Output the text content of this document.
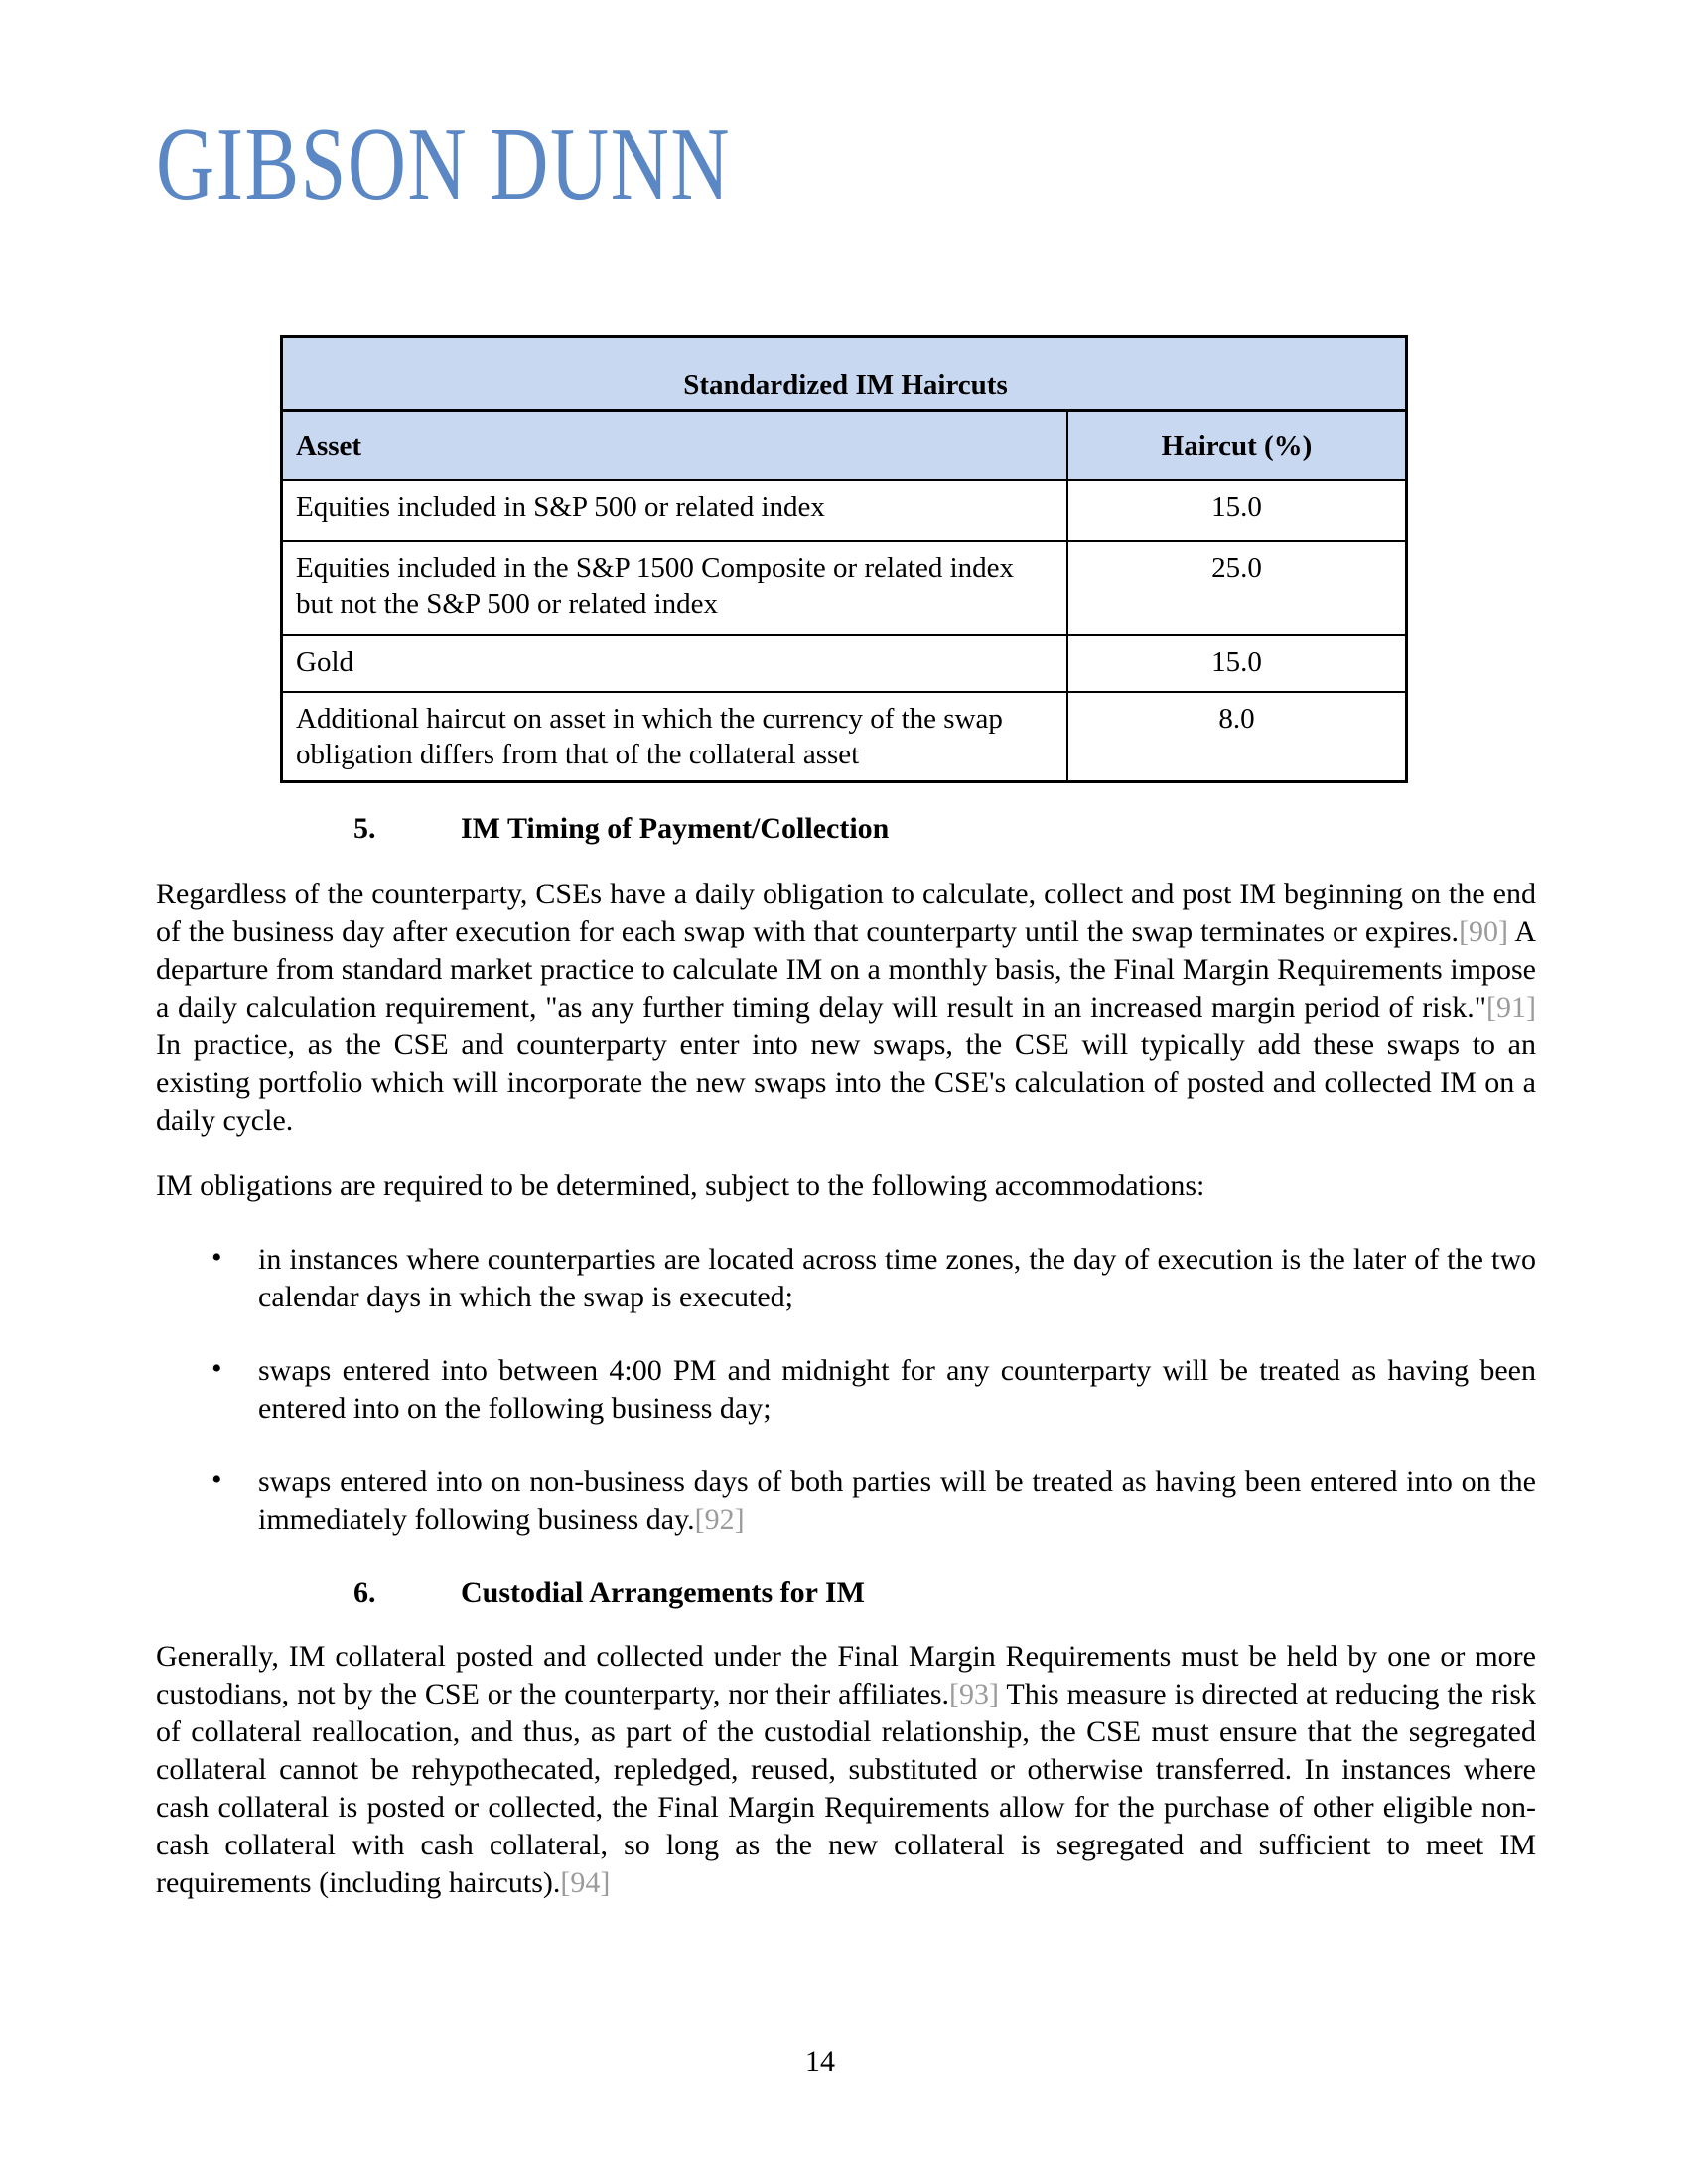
GIBSON DUNN
Standardized IM Haircuts	
Asset	Haircut (%)
Equities included in S&P 500 or related index	15.0
Equities included in the S&P 1500 Composite or related index but not the S&P 500 or related index	25.0
Gold	15.0
Additional haircut on asset in which the currency of the swap obligation differs from that of the collateral asset	8.0
5.	IM Timing of Payment/Collection

Regardless of the counterparty, CSEs have a daily obligation to calculate, collect and post IM beginning on the end of the business day after execution for each swap with that counterparty until the swap terminates or expires.[90] A departure from standard market practice to calculate IM on a monthly basis, the Final Margin Requirements impose a daily calculation requirement, "as any further timing delay will result in an increased margin period of risk."[91] In practice, as the CSE and counterparty enter into new swaps, the CSE will typically add these swaps to an existing portfolio which will incorporate the new swaps into the CSE's calculation of posted and collected IM on a daily cycle.

IM obligations are required to be determined, subject to the following accommodations:

• in instances where counterparties are located across time zones, the day of execution is the later of the two calendar days in which the swap is executed;
• swaps entered into between 4:00 PM and midnight for any counterparty will be treated as having been entered into on the following business day;
• swaps entered into on non-business days of both parties will be treated as having been entered into on the immediately following business day.[92]
6.	Custodial Arrangements for IM

Generally, IM collateral posted and collected under the Final Margin Requirements must be held by one or more custodians, not by the CSE or the counterparty, nor their affiliates.[93] This measure is directed at reducing the risk of collateral reallocation, and thus, as part of the custodial relationship, the CSE must ensure that the segregated collateral cannot be rehypothecated, repledged, reused, substituted or otherwise transferred. In instances where cash collateral is posted or collected, the Final Margin Requirements allow for the purchase of other eligible non-cash collateral with cash collateral, so long as the new collateral is segregated and sufficient to meet IM requirements (including haircuts).[94]

14
